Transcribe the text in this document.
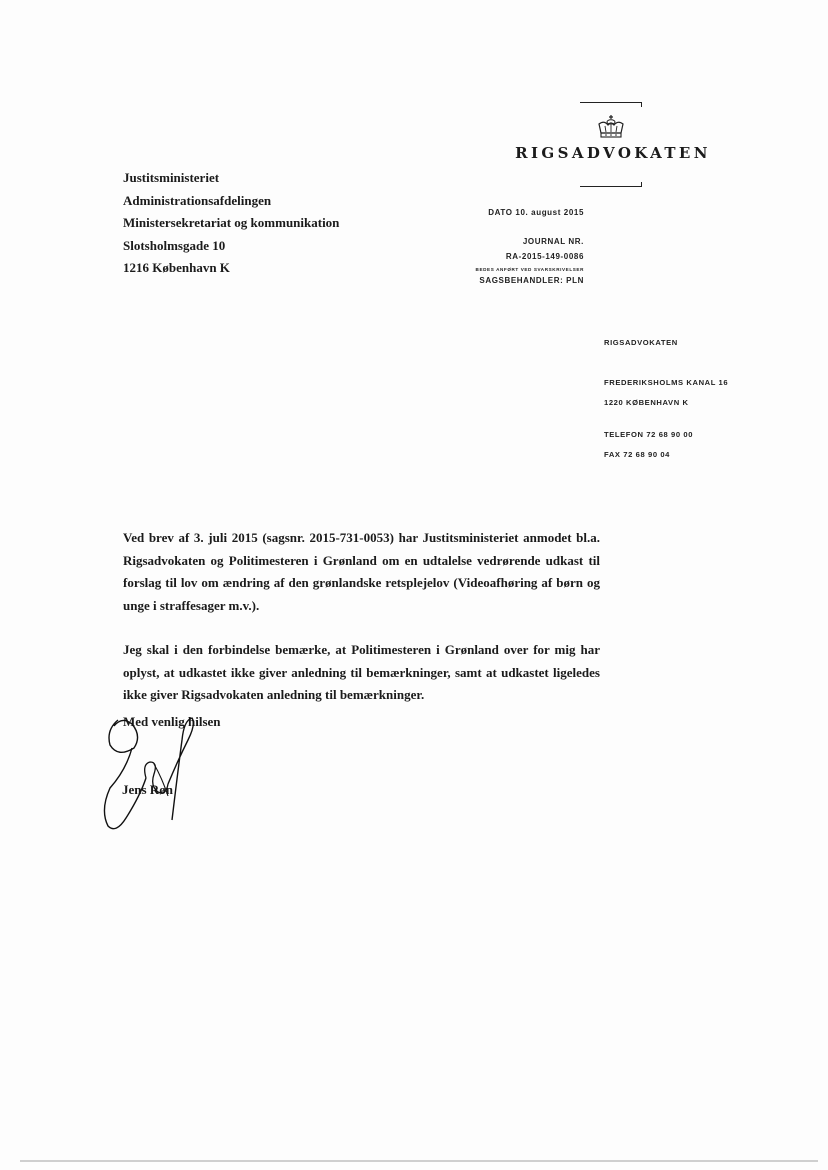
RIGSADVOKATEN
Justitsministeriet
Administrationsafdelingen
Ministersekretariat og kommunikation
Slotsholmsgade 10
1216 København K
DATO 10. august 2015
JOURNAL NR.
RA-2015-149-0086
BEDES ANFØRT VED SVARSKRIVELSER
SAGSBEHANDLER: PLN
RIGSADVOKATEN
FREDERIKSHOLMS KANAL 16
1220 KØBENHAVN K
TELEFON 72 68 90 00
FAX 72 68 90 04

Ved brev af 3. juli 2015 (sagsnr. 2015-731-0053) har Justitsministeriet anmodet bl.a. Rigsadvokaten og Politimesteren i Grønland om en udtalelse vedrørende udkast til forslag til lov om ændring af den grønlandske retsplejelov (Videoafhøring af børn og unge i straffesager m.v.).

Jeg skal i den forbindelse bemærke, at Politimesteren i Grønland over for mig har oplyst, at udkastet ikke giver anledning til bemærkninger, samt at udkastet ligeledes ikke giver Rigsadvokaten anledning til bemærkninger.

Med venlig hilsen
Jens Røn
